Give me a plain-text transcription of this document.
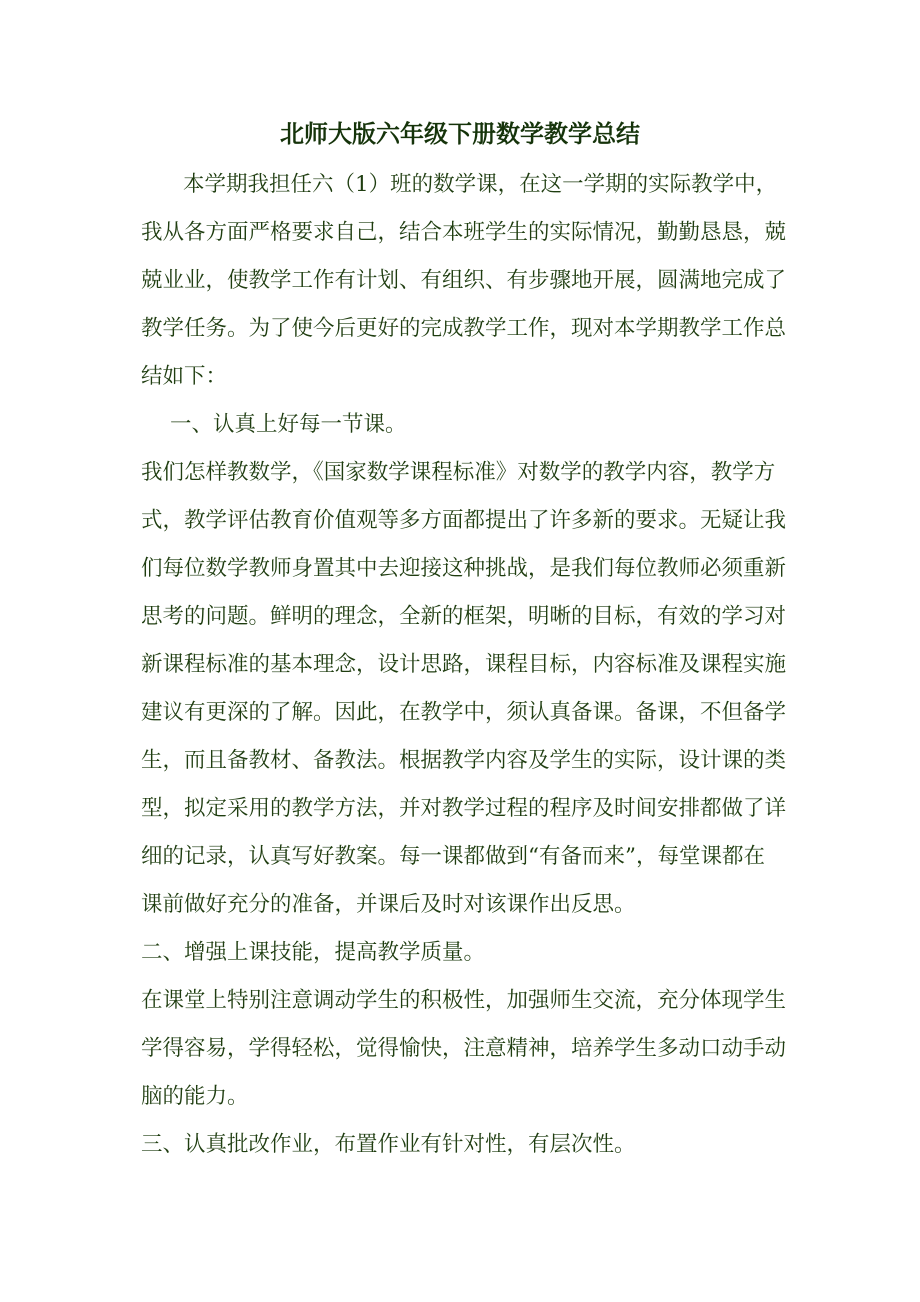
北师大版六年级下册数学教学总结

本学期我担任六（1）班的数学课，在这一学期的实际教学中，

我从各方面严格要求自己，结合本班学生的实际情况，勤勤恳恳，兢

兢业业，使教学工作有计划、有组织、有步骤地开展，圆满地完成了

教学任务。为了使今后更好的完成教学工作，现对本学期教学工作总

结如下：

一、认真上好每一节课。

我们怎样教数学，《国家数学课程标准》对数学的教学内容，教学方

式，教学评估教育价值观等多方面都提出了许多新的要求。无疑让我

们每位数学教师身置其中去迎接这种挑战，是我们每位教师必须重新

思考的问题。鲜明的理念，全新的框架，明晰的目标，有效的学习对

新课程标准的基本理念，设计思路，课程目标，内容标准及课程实施

建议有更深的了解。因此，在教学中，须认真备课。备课，不但备学

生，而且备教材、备教法。根据教学内容及学生的实际，设计课的类

型，拟定采用的教学方法，并对教学过程的程序及时间安排都做了详

细的记录，认真写好教案。每一课都做到“有备而来”，每堂课都在

课前做好充分的准备，并课后及时对该课作出反思。

二、增强上课技能，提高教学质量。

在课堂上特别注意调动学生的积极性，加强师生交流，充分体现学生

学得容易，学得轻松，觉得愉快，注意精神，培养学生多动口动手动

脑的能力。

三、认真批改作业，布置作业有针对性，有层次性。
